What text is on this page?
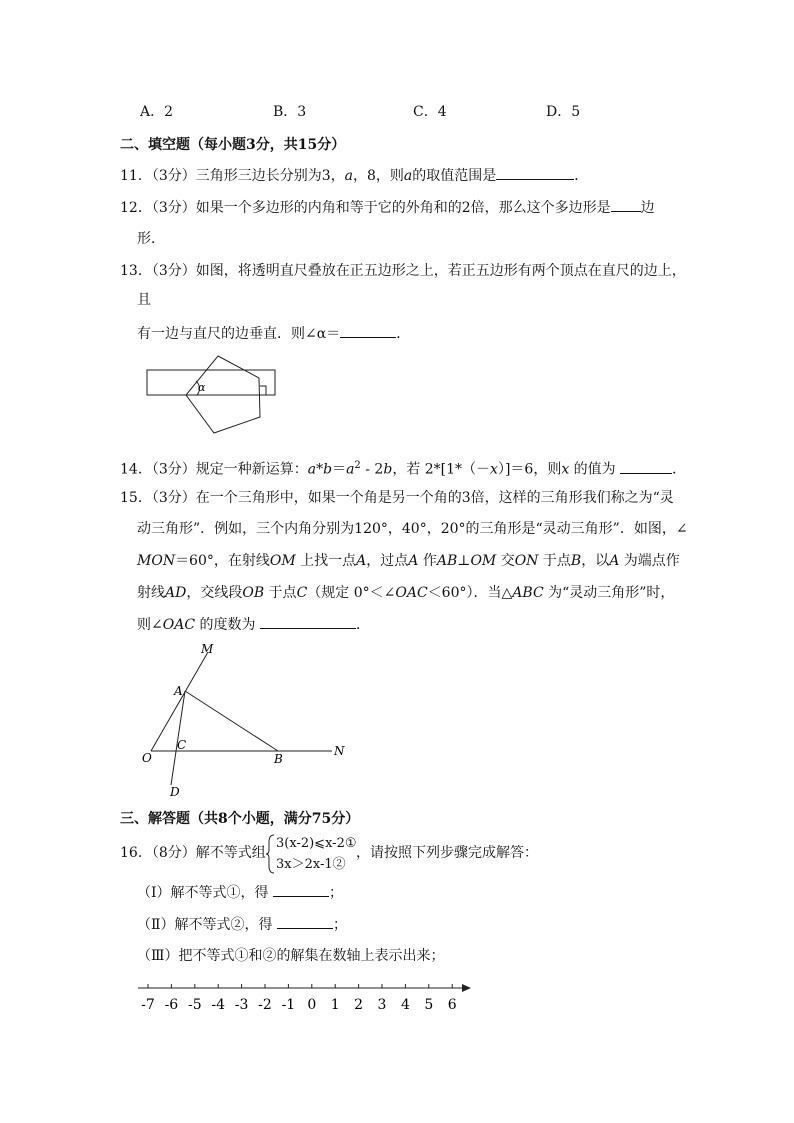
A．2	B．3	C．4	D．5
二、填空题（每小题3分，共15分）
11．（3分）三角形三边长分别为3，a，8，则a的取值范围是	．
12．（3分）如果一个多边形的内角和等于它的外角和的2倍，那么这个多边形是 边
形．
13．（3分）如图，将透明直尺叠放在正五边形之上，若正五边形有两个顶点在直尺的边上，
且
有一边与直尺的边垂直．则∠α＝	．
α
14．（3分）规定一种新运算：$a*b=a^2 - 2b$，若 2*[1*（－x）]＝6，则x 的值为	．
15．（3分）在一个三角形中，如果一个角是另一个角的3倍，这样的三角形我们称之为“灵
动三角形”．例如，三个内角分别为120°，40°，20°的三角形是“灵动三角形”．如图，∠
MON＝60°，在射线OM 上找一点A，过点A 作AB⊥OM 交ON 于点B，以A 为端点作
射线AD，交线段OB 于点C（规定 0°＜∠OAC＜60°）．当△ABC 为“灵动三角形”时，
则∠OAC 的度数为	．
M
A
C
O	B
N
D
三、解答题（共8个小题，满分75分）
16．（8分）解不等式组
3(x-2)⩽x-2①
3x＞2x-1②
，请按照下列步骤完成解答：
（Ⅰ）解不等式①，得	；
（Ⅱ）解不等式②，得	；
（Ⅲ）把不等式①和②的解集在数轴上表示出来；
-7 -6 -5 -4 -3 -2 -1 0 1 2 3 4 5 6
